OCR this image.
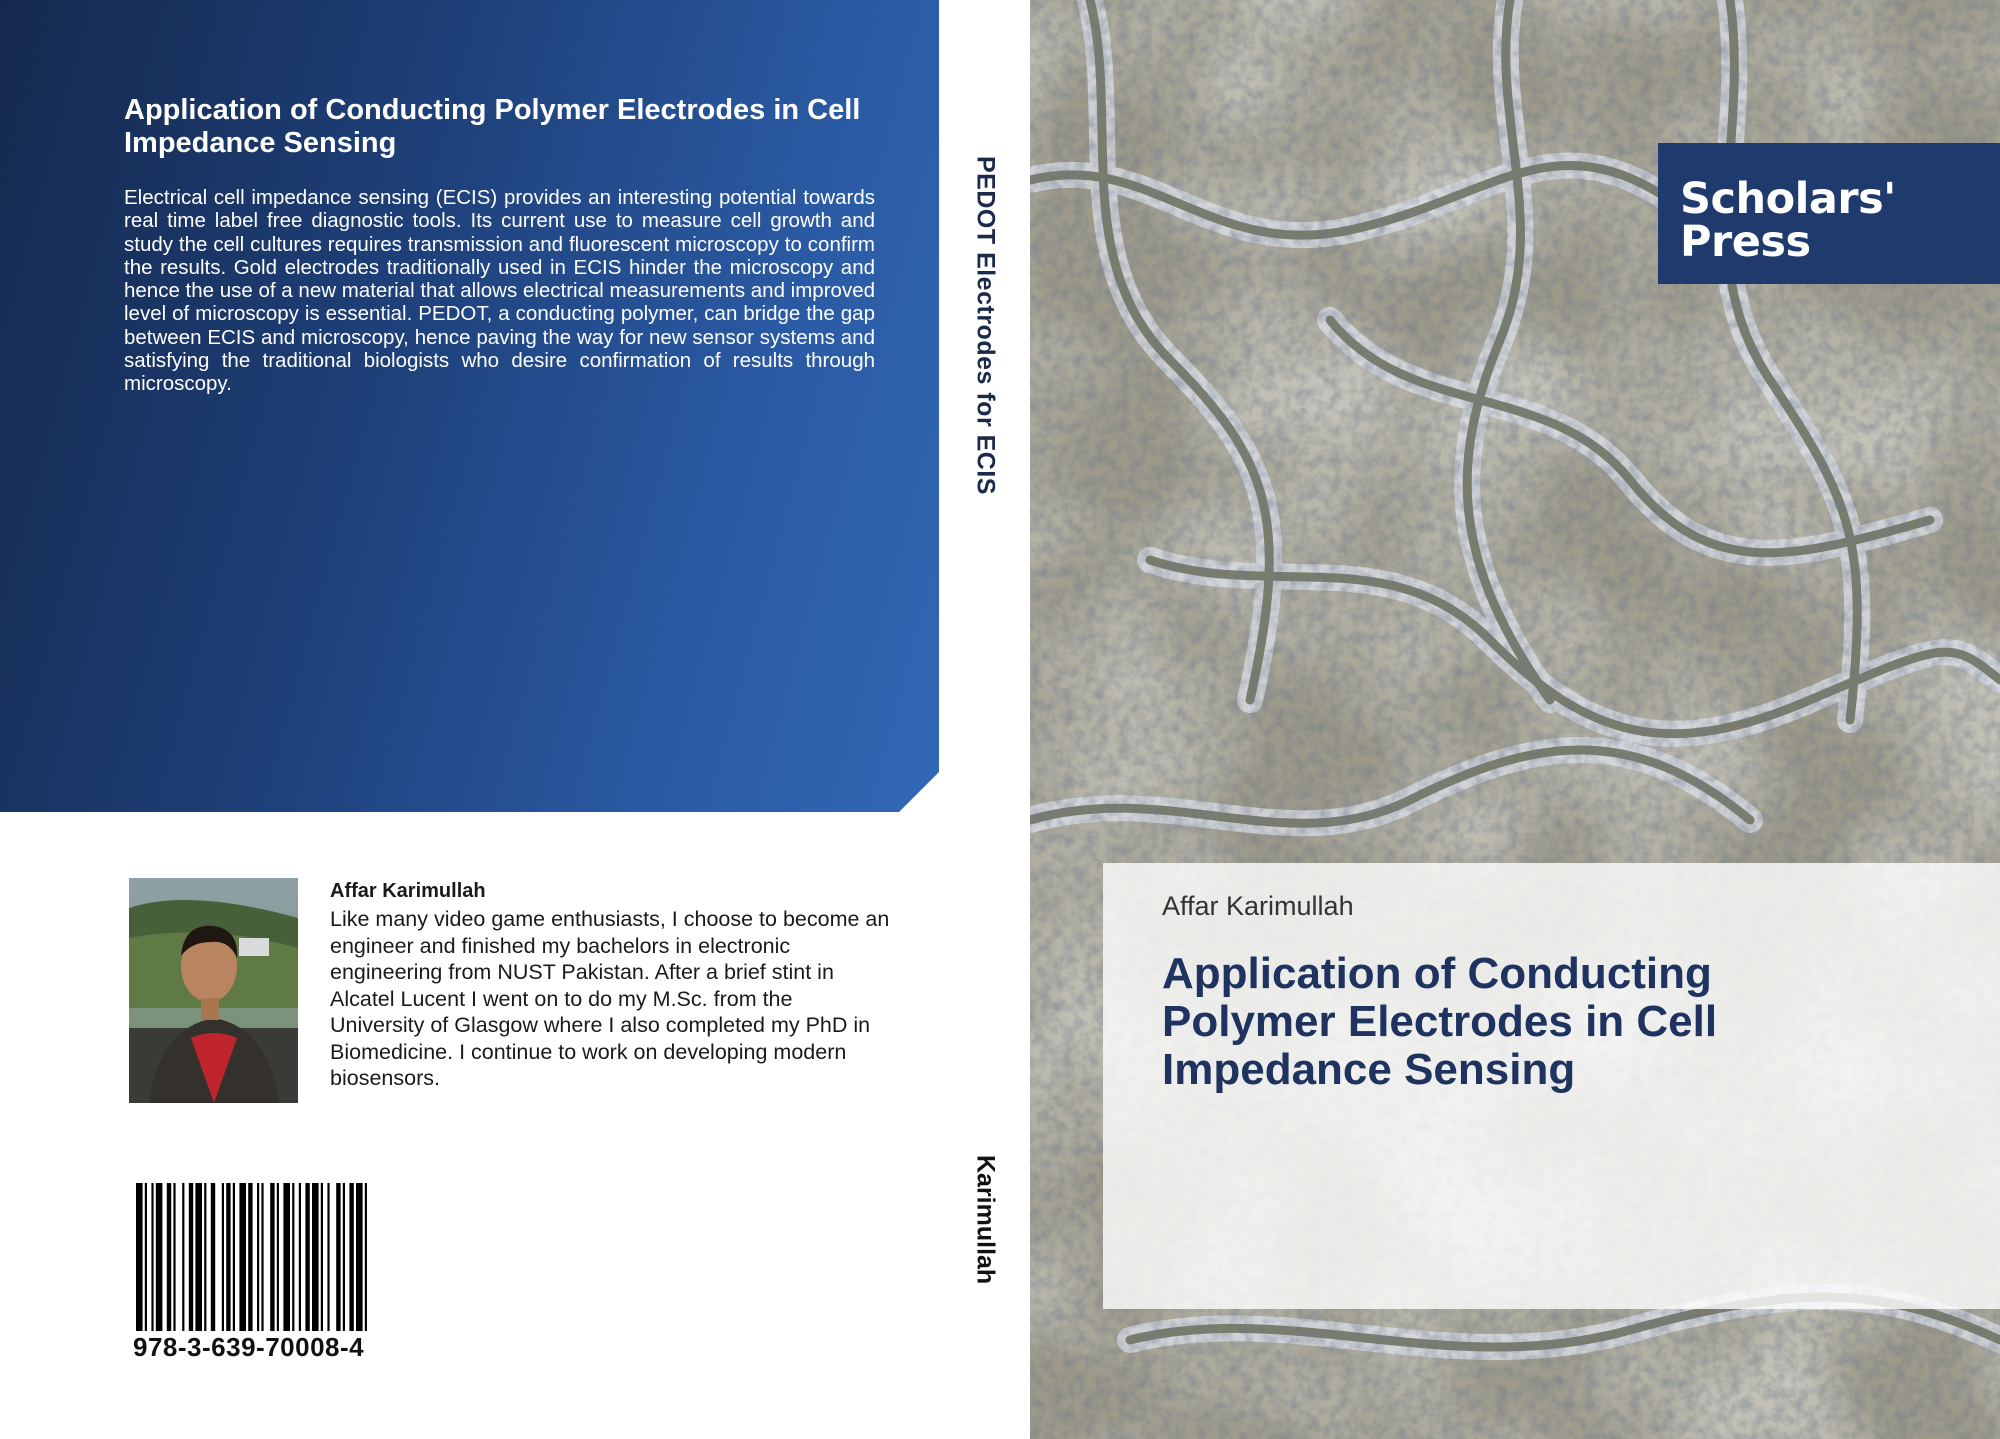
Application of Conducting Polymer Electrodes in Cell Impedance Sensing
Electrical cell impedance sensing (ECIS) provides an interesting potential towards real time label free diagnostic tools. Its current use to measure cell growth and study the cell cultures requires transmission and fluorescent microscopy to confirm the results. Gold electrodes traditionally used in ECIS hinder the microscopy and hence the use of a new material that allows electrical measurements and improved level of microscopy is essential. PEDOT, a conducting polymer, can bridge the gap between ECIS and microscopy, hence paving the way for new sensor systems and satisfying the traditional biologists who desire confirmation of results through microscopy.
Affar Karimullah
Like many video game enthusiasts, I choose to become an engineer and finished my bachelors in electronic engineering from NUST Pakistan. After a brief stint in Alcatel Lucent I went on to do my M.Sc. from the University of Glasgow where I also completed my PhD in Biomedicine. I continue to work on developing modern biosensors.
978-3-639-70008-4
PEDOT Electrodes for ECIS
Karimullah
Scholars' Press
Affar Karimullah
Application of Conducting Polymer Electrodes in Cell Impedance Sensing
